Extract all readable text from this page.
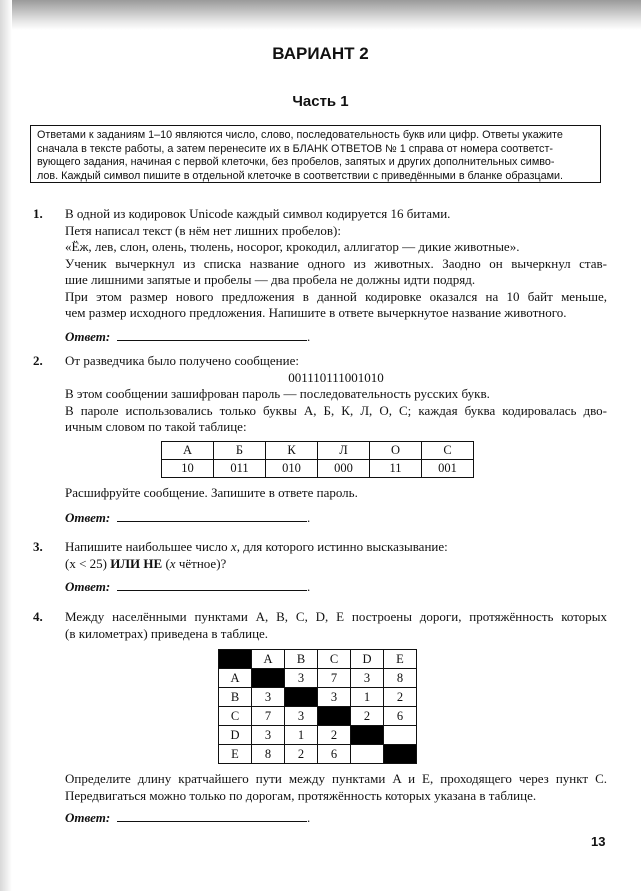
ВАРИАНТ 2
Часть 1
Ответами к заданиям 1–10 являются число, слово, последовательность букв или цифр. Ответы укажите
сначала в тексте работы, а затем перенесите их в БЛАНК ОТВЕТОВ № 1 справа от номера соответст-
вующего задания, начиная с первой клеточки, без пробелов, запятых и других дополнительных симво-
лов. Каждый символ пишите в отдельной клеточке в соответствии с приведёнными в бланке образцами.
1. В одной из кодировок Unicode каждый символ кодируется 16 битами.
Петя написал текст (в нём нет лишних пробелов):
«Ёж, лев, слон, олень, тюлень, носорог, крокодил, аллигатор — дикие животные».
Ученик вычеркнул из списка название одного из животных. Заодно он вычеркнул став-
шие лишними запятые и пробелы — два пробела не должны идти подряд.
При этом размер нового предложения в данной кодировке оказался на 10 байт меньше,
чем размер исходного предложения. Напишите в ответе вычеркнутое название животного.
Ответ:	.
2. От разведчика было получено сообщение:
001110111001010
В этом сообщении зашифрован пароль — последовательность русских букв.
В пароле использовались только буквы А, Б, К, Л, О, С; каждая буква кодировалась дво-
ичным словом по такой таблице:
А	Б	К	Л	О	С
10	011	010	000	11	001
Расшифруйте сообщение. Запишите в ответе пароль.
Ответ:	.
3. Напишите наибольшее число x, для которого истинно высказывание:
(x < 25) ИЛИ НЕ (x чётное)?
Ответ:	.
4. Между населёнными пунктами A, B, C, D, E построены дороги, протяжённость которых
(в километрах) приведена в таблице.
	A	B	C	D	E
A		3	7	3	8
B	3		3	1	2
C	7	3		2	6
D	3	1	2		
E	8	2	6		
Определите длину кратчайшего пути между пунктами A и E, проходящего через пункт C.
Передвигаться можно только по дорогам, протяжённость которых указана в таблице.
Ответ:	.
13
